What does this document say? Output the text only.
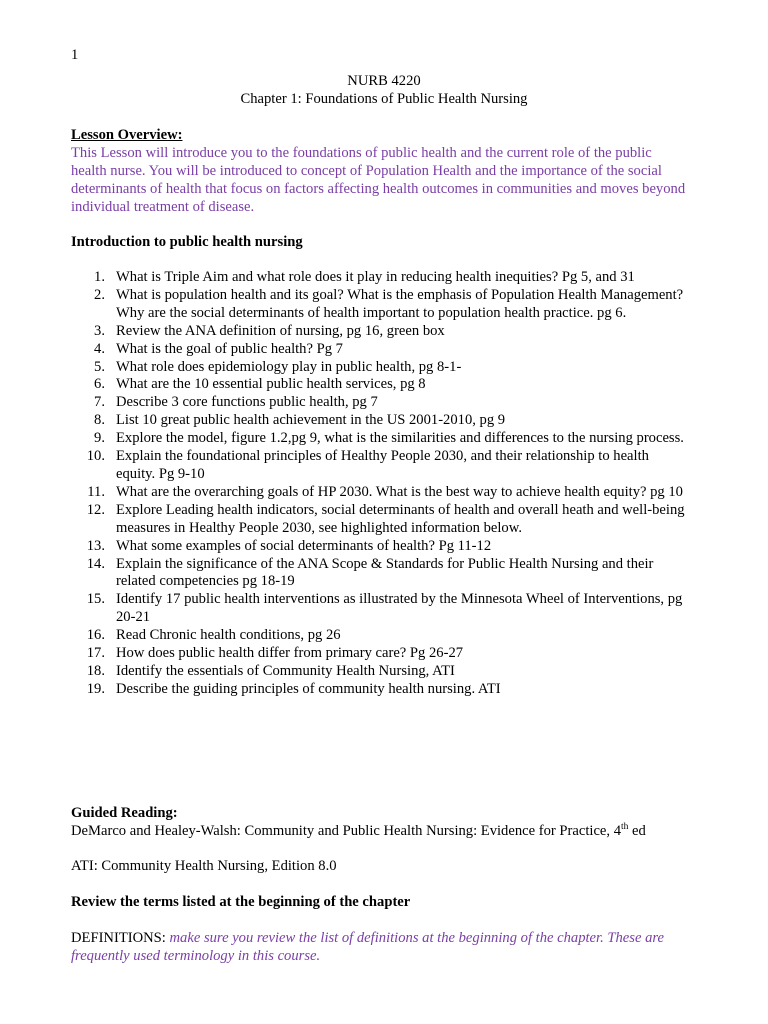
1
NURB 4220
Chapter 1: Foundations of Public Health Nursing
Lesson Overview:
This Lesson will introduce you to the foundations of public health and the current role of the public health nurse. You will be introduced to concept of Population Health and the importance of the social determinants of health that focus on factors affecting health outcomes in communities and moves beyond individual treatment of disease.
Introduction to public health nursing
1. What is Triple Aim and what role does it play in reducing health inequities? Pg 5, and 31
2. What is population health and its goal? What is the emphasis of Population Health Management? Why are the social determinants of health important to population health practice. pg 6.
3. Review the ANA definition of nursing, pg 16, green box
4. What is the goal of public health? Pg 7
5. What role does epidemiology play in public health, pg 8-1-
6. What are the 10 essential public health services, pg 8
7. Describe 3 core functions public health, pg 7
8. List 10 great public health achievement in the US 2001-2010, pg 9
9. Explore the model, figure 1.2,pg 9, what is the similarities and differences to the nursing process.
10. Explain the foundational principles of Healthy People 2030, and their relationship to health equity. Pg 9-10
11. What are the overarching goals of HP 2030. What is the best way to achieve health equity? pg 10
12. Explore Leading health indicators, social determinants of health and overall heath and well-being measures in Healthy People 2030, see highlighted information below.
13. What some examples of social determinants of health? Pg 11-12
14. Explain the significance of the ANA Scope & Standards for Public Health Nursing and their related competencies pg 18-19
15. Identify 17 public health interventions as illustrated by the Minnesota Wheel of Interventions, pg 20-21
16. Read Chronic health conditions, pg 26
17. How does public health differ from primary care? Pg 26-27
18. Identify the essentials of Community Health Nursing, ATI
19. Describe the guiding principles of community health nursing. ATI
Guided Reading:
DeMarco and Healey-Walsh: Community and Public Health Nursing: Evidence for Practice, 4th ed
ATI: Community Health Nursing, Edition 8.0
Review the terms listed at the beginning of the chapter
DEFINITIONS: make sure you review the list of definitions at the beginning of the chapter. These are frequently used terminology in this course.
